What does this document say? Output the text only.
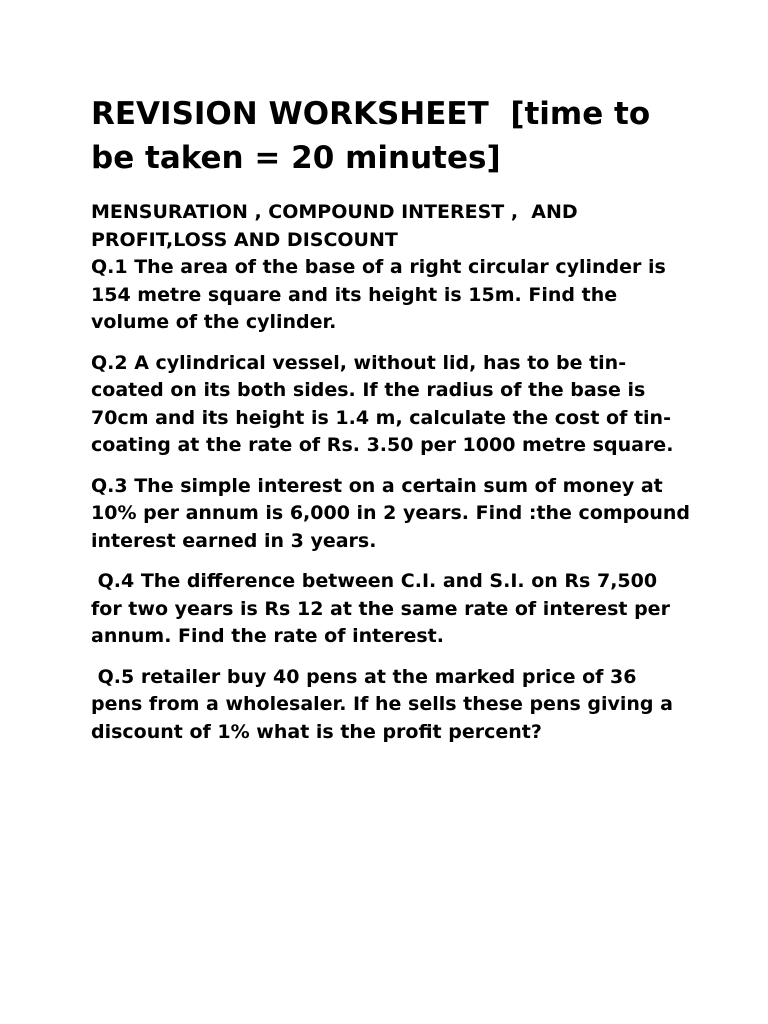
REVISION WORKSHEET  [time to be taken = 20 minutes]

MENSURATION , COMPOUND INTEREST ,  AND PROFIT,LOSS AND DISCOUNT

Q.1 The area of the base of a right circular cylinder is 154 metre square and its height is 15m. Find the volume of the cylinder.

Q.2 A cylindrical vessel, without lid, has to be tin-coated on its both sides. If the radius of the base is 70cm and its height is 1.4 m, calculate the cost of tin-coating at the rate of Rs. 3.50 per 1000 metre square.

Q.3 The simple interest on a certain sum of money at 10% per annum is 6,000 in 2 years. Find :the compound interest earned in 3 years.

Q.4 The difference between C.I. and S.I. on Rs 7,500 for two years is Rs 12 at the same rate of interest per annum. Find the rate of interest.

Q.5 retailer buy 40 pens at the marked price of 36 pens from a wholesaler. If he sells these pens giving a discount of 1% what is the profit percent?
